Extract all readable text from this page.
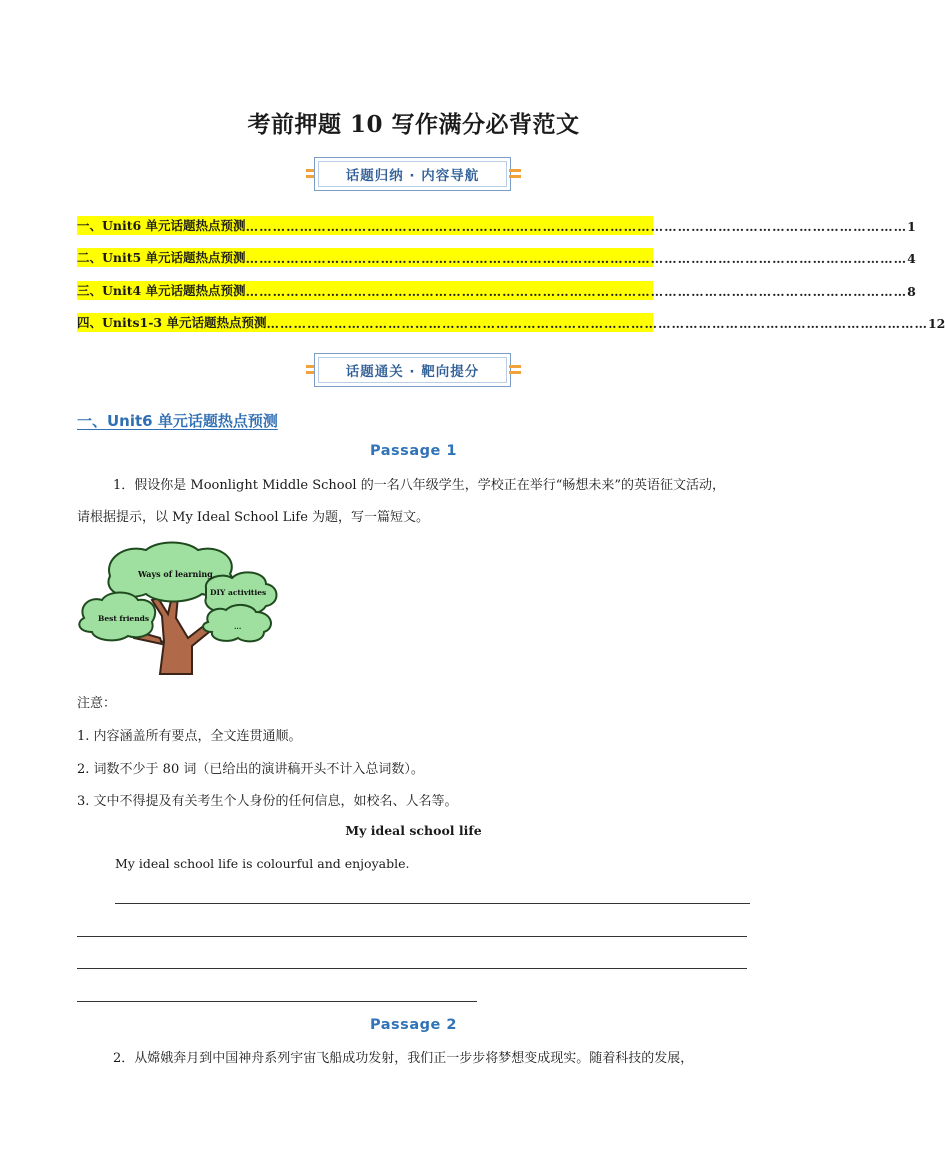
考前押题 10 写作满分必背范文
话题归纳 · 内容导航
一、Unit6 单元话题热点预测 ………………………………………………………………………………………………………………………………… 1
二、Unit5 单元话题热点预测 ………………………………………………………………………………………………………………………………… 4
三、Unit4 单元话题热点预测 ………………………………………………………………………………………………………………………………… 8
四、Units1-3 单元话题热点预测 ………………………………………………………………………………………………………………………………… 12
话题通关 · 靶向提分
一、Unit6 单元话题热点预测
Passage 1
1．假设你是 Moonlight Middle School 的一名八年级学生，学校正在举行“畅想未来”的英语征文活动，
请根据提示，以 My Ideal School Life 为题，写一篇短文。
Ways of learning
DIY activities
Best friends
...
注意：
1. 内容涵盖所有要点，全文连贯通顺。
2. 词数不少于 80 词（已给出的演讲稿开头不计入总词数）。
3. 文中不得提及有关考生个人身份的任何信息，如校名、人名等。
My ideal school life
My ideal school life is colourful and enjoyable.
Passage 2
2．从嫦娥奔月到中国神舟系列宇宙飞船成功发射，我们正一步步将梦想变成现实。随着科技的发展，
